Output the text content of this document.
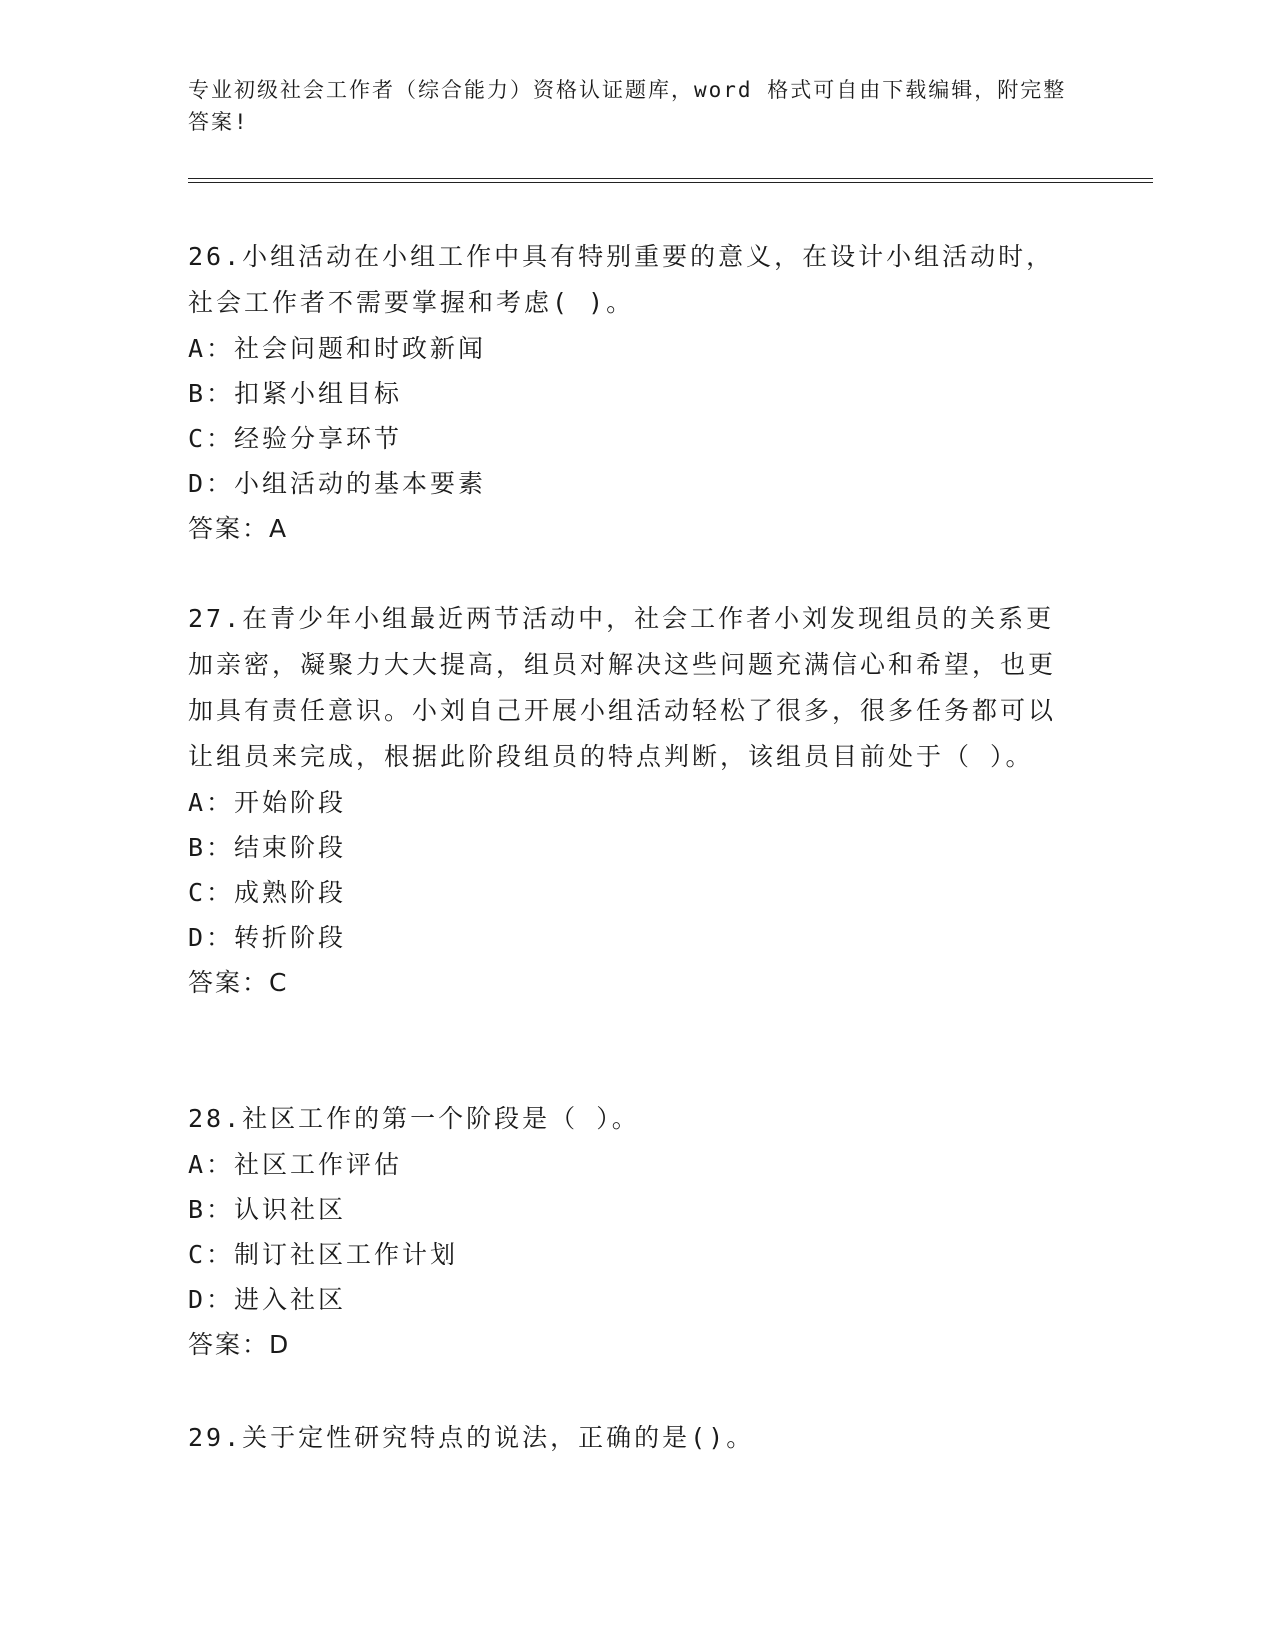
专业初级社会工作者（综合能力）资格认证题库，word 格式可自由下载编辑，附完整答案!

26.小组活动在小组工作中具有特别重要的意义，在设计小组活动时，社会工作者不需要掌握和考虑( )。

A：社会问题和时政新闻

B：扣紧小组目标

C：经验分享环节

D：小组活动的基本要素

答案：A

27.在青少年小组最近两节活动中，社会工作者小刘发现组员的关系更加亲密，凝聚力大大提高，组员对解决这些问题充满信心和希望，也更加具有责任意识。小刘自己开展小组活动轻松了很多，很多任务都可以让组员来完成，根据此阶段组员的特点判断，该组员目前处于（ ）。

A：开始阶段

B：结束阶段

C：成熟阶段

D：转折阶段

答案：C

28.社区工作的第一个阶段是（ ）。

A：社区工作评估

B：认识社区

C：制订社区工作计划

D：进入社区

答案：D

29.关于定性研究特点的说法，正确的是()。
